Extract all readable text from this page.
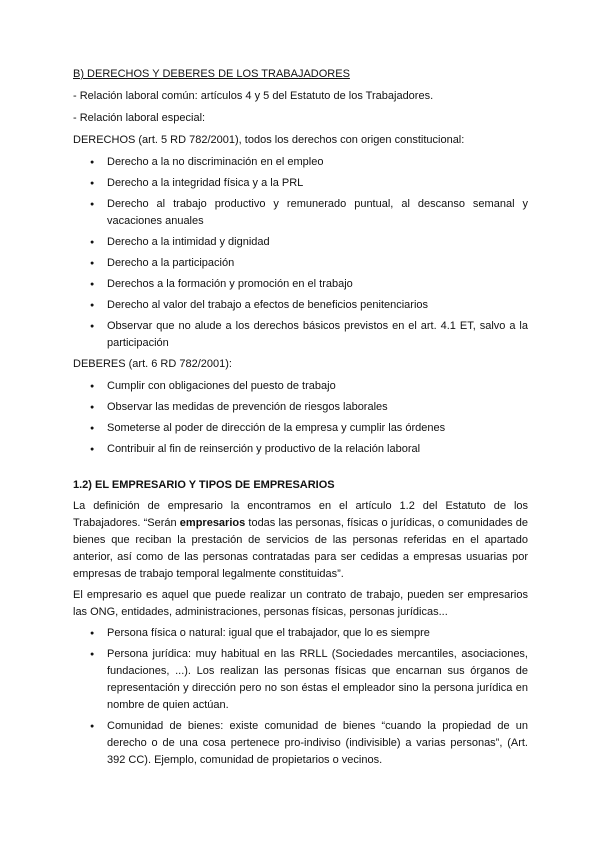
B) DERECHOS Y DEBERES DE LOS TRABAJADORES
- Relación laboral común: artículos 4 y 5 del Estatuto de los Trabajadores.
- Relación laboral especial:
DERECHOS (art. 5 RD 782/2001), todos los derechos con origen constitucional:
● Derecho a la no discriminación en el empleo
● Derecho a la integridad física y a la PRL
● Derecho al trabajo productivo y remunerado puntual, al descanso semanal y vacaciones anuales
● Derecho a la intimidad y dignidad
● Derecho a la participación
● Derechos a la formación y promoción en el trabajo
● Derecho al valor del trabajo a efectos de beneficios penitenciarios
● Observar que no alude a los derechos básicos previstos en el art. 4.1 ET, salvo a la participación
DEBERES (art. 6 RD 782/2001):
● Cumplir con obligaciones del puesto de trabajo
● Observar las medidas de prevención de riesgos laborales
● Someterse al poder de dirección de la empresa y cumplir las órdenes
● Contribuir al fin de reinserción y productivo de la relación laboral
1.2) EL EMPRESARIO Y TIPOS DE EMPRESARIOS

La definición de empresario la encontramos en el artículo 1.2 del Estatuto de los Trabajadores. “Serán empresarios todas las personas, físicas o jurídicas, o comunidades de bienes que reciban la prestación de servicios de las personas referidas en el apartado anterior, así como de las personas contratadas para ser cedidas a empresas usuarias por empresas de trabajo temporal legalmente constituidas”.

El empresario es aquel que puede realizar un contrato de trabajo, pueden ser empresarios las ONG, entidades, administraciones, personas físicas, personas jurídicas...

● Persona física o natural: igual que el trabajador, que lo es siempre
● Persona jurídica: muy habitual en las RRLL (Sociedades mercantiles, asociaciones, fundaciones, ...). Los realizan las personas físicas que encarnan sus órganos de representación y dirección pero no son éstas el empleador sino la persona jurídica en nombre de quien actúan.
● Comunidad de bienes: existe comunidad de bienes “cuando la propiedad de un derecho o de una cosa pertenece pro-indiviso (indivisible) a varias personas”, (Art. 392 CC). Ejemplo, comunidad de propietarios o vecinos.
